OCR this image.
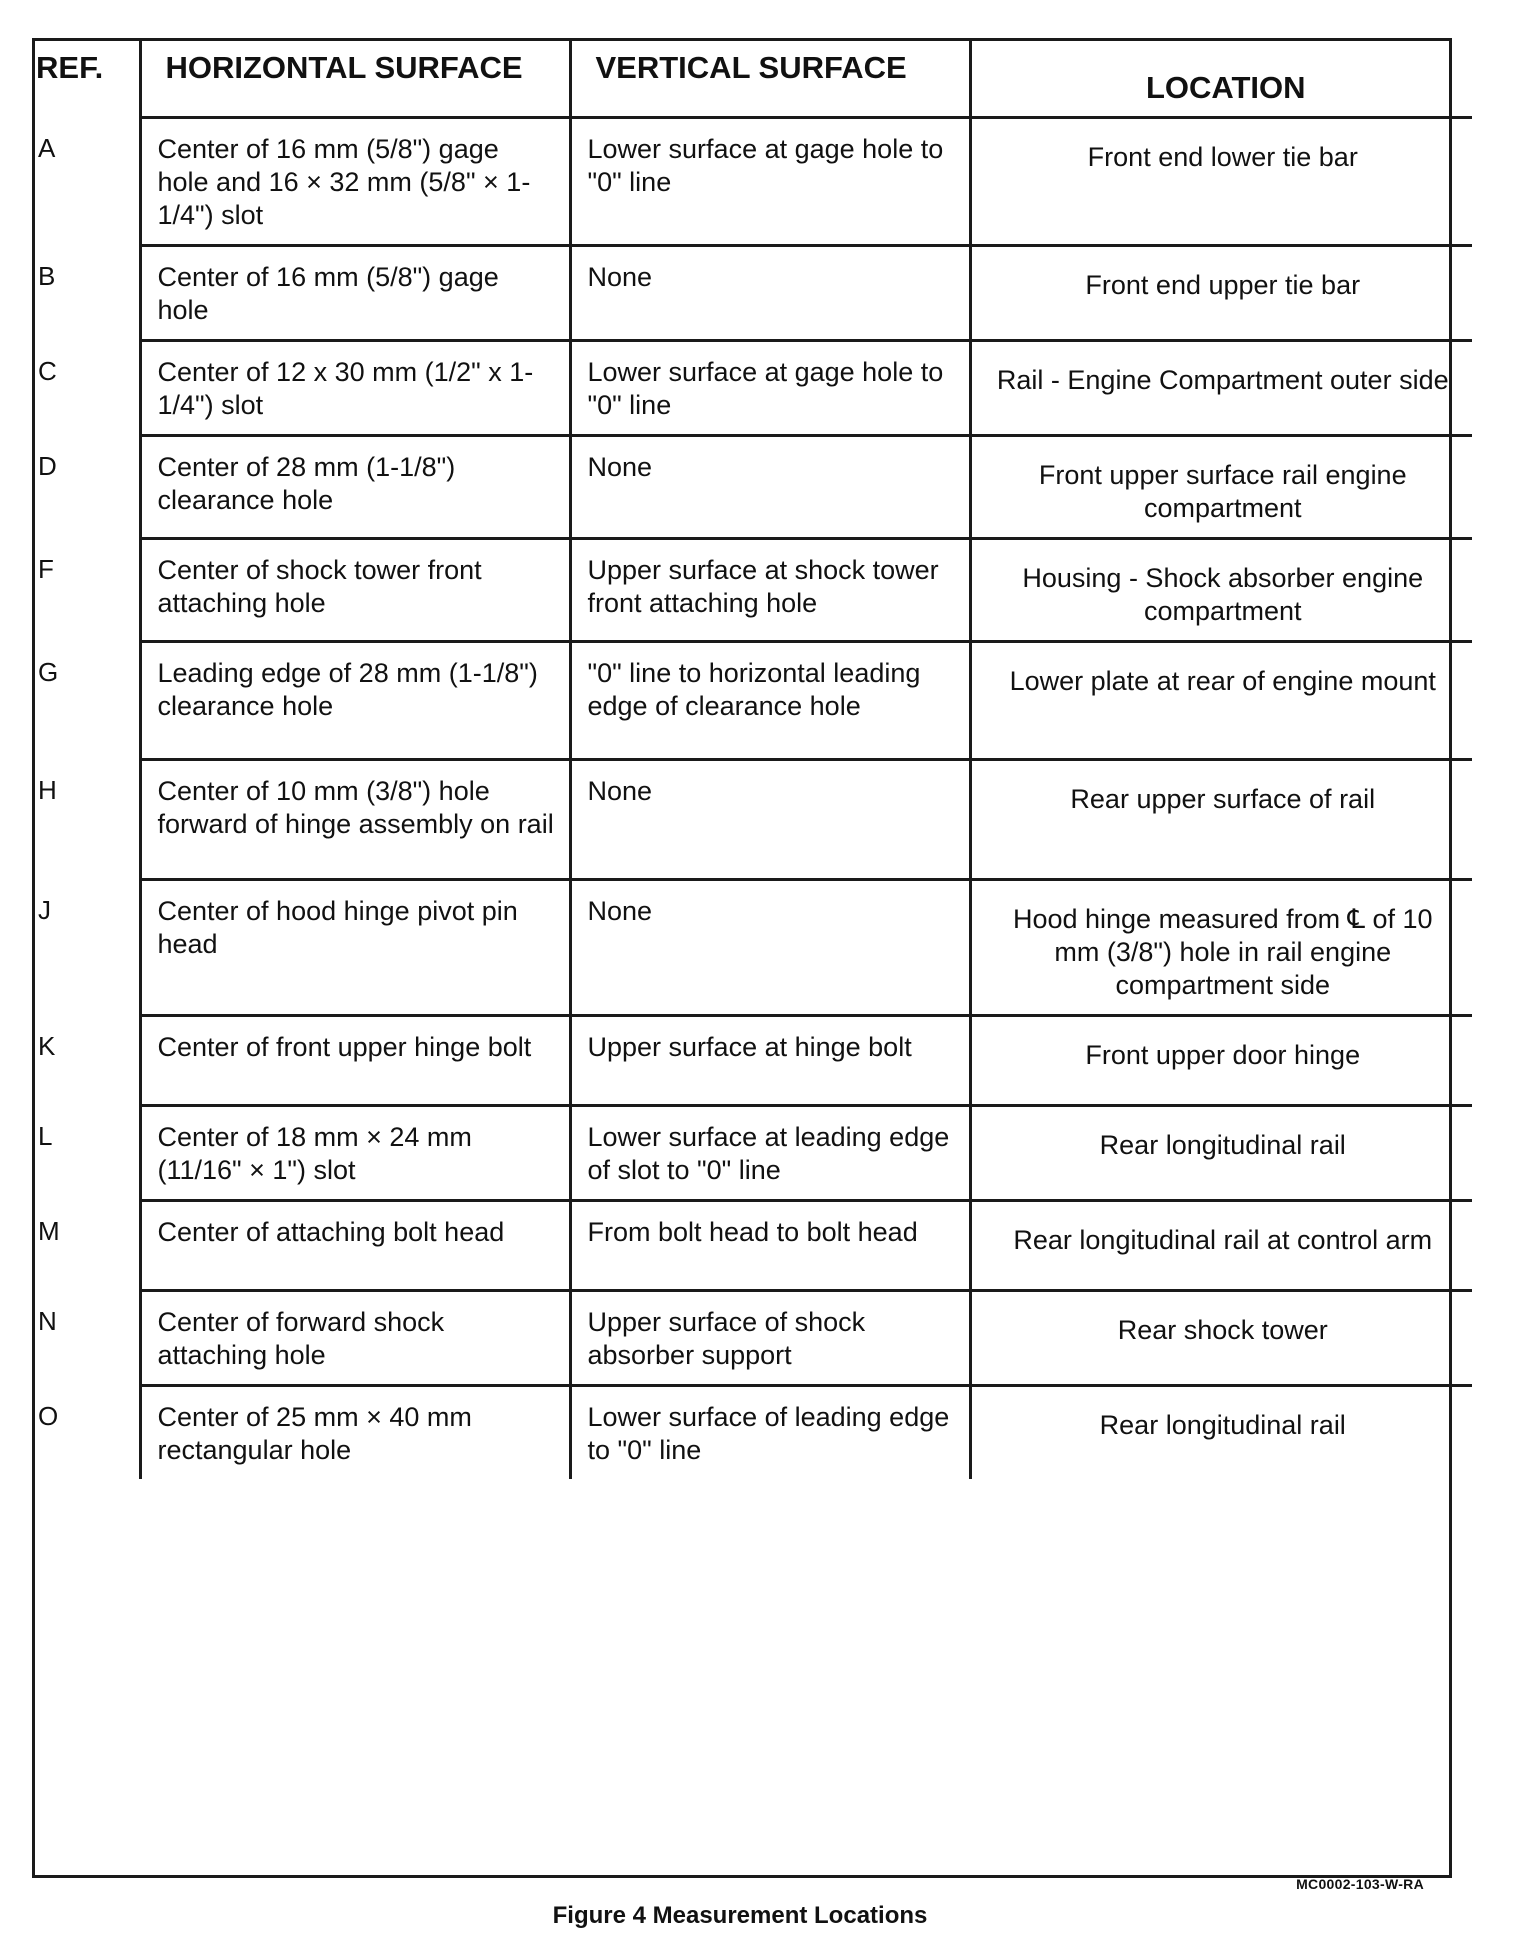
REF.	HORIZONTAL SURFACE	VERTICAL SURFACE	LOCATION
A	Center of 16 mm (5/8") gage hole and 16 × 32 mm (5/8" × 1-1/4") slot	Lower surface at gage hole to "0" line	Front end lower tie bar
B	Center of 16 mm (5/8") gage hole	None	Front end upper tie bar
C	Center of 12 x 30 mm (1/2" x 1-1/4") slot	Lower surface at gage hole to "0" line	Rail - Engine Compartment outer side
D	Center of 28 mm (1-1/8") clearance hole	None	Front upper surface rail engine compartment
F	Center of shock tower front attaching hole	Upper surface at shock tower front attaching hole	Housing - Shock absorber engine compartment
G	Leading edge of 28 mm (1-1/8") clearance hole	"0" line to horizontal leading edge of clearance hole	Lower plate at rear of engine mount
H	Center of 10 mm (3/8") hole forward of hinge assembly on rail	None	Rear upper surface of rail
J	Center of hood hinge pivot pin head	None	Hood hinge measured from ℄ of 10 mm (3/8") hole in rail engine compartment side
K	Center of front upper hinge bolt	Upper surface at hinge bolt	Front upper door hinge
L	Center of 18 mm × 24 mm (11/16" × 1") slot	Lower surface at leading edge of slot to "0" line	Rear longitudinal rail
M	Center of attaching bolt head	From bolt head to bolt head	Rear longitudinal rail at control arm
N	Center of forward shock attaching hole	Upper surface of shock absorber support	Rear shock tower
O	Center of 25 mm × 40 mm rectangular hole	Lower surface of leading edge to "0" line	Rear longitudinal rail
MC0002-103-W-RA
Figure 4 Measurement Locations
